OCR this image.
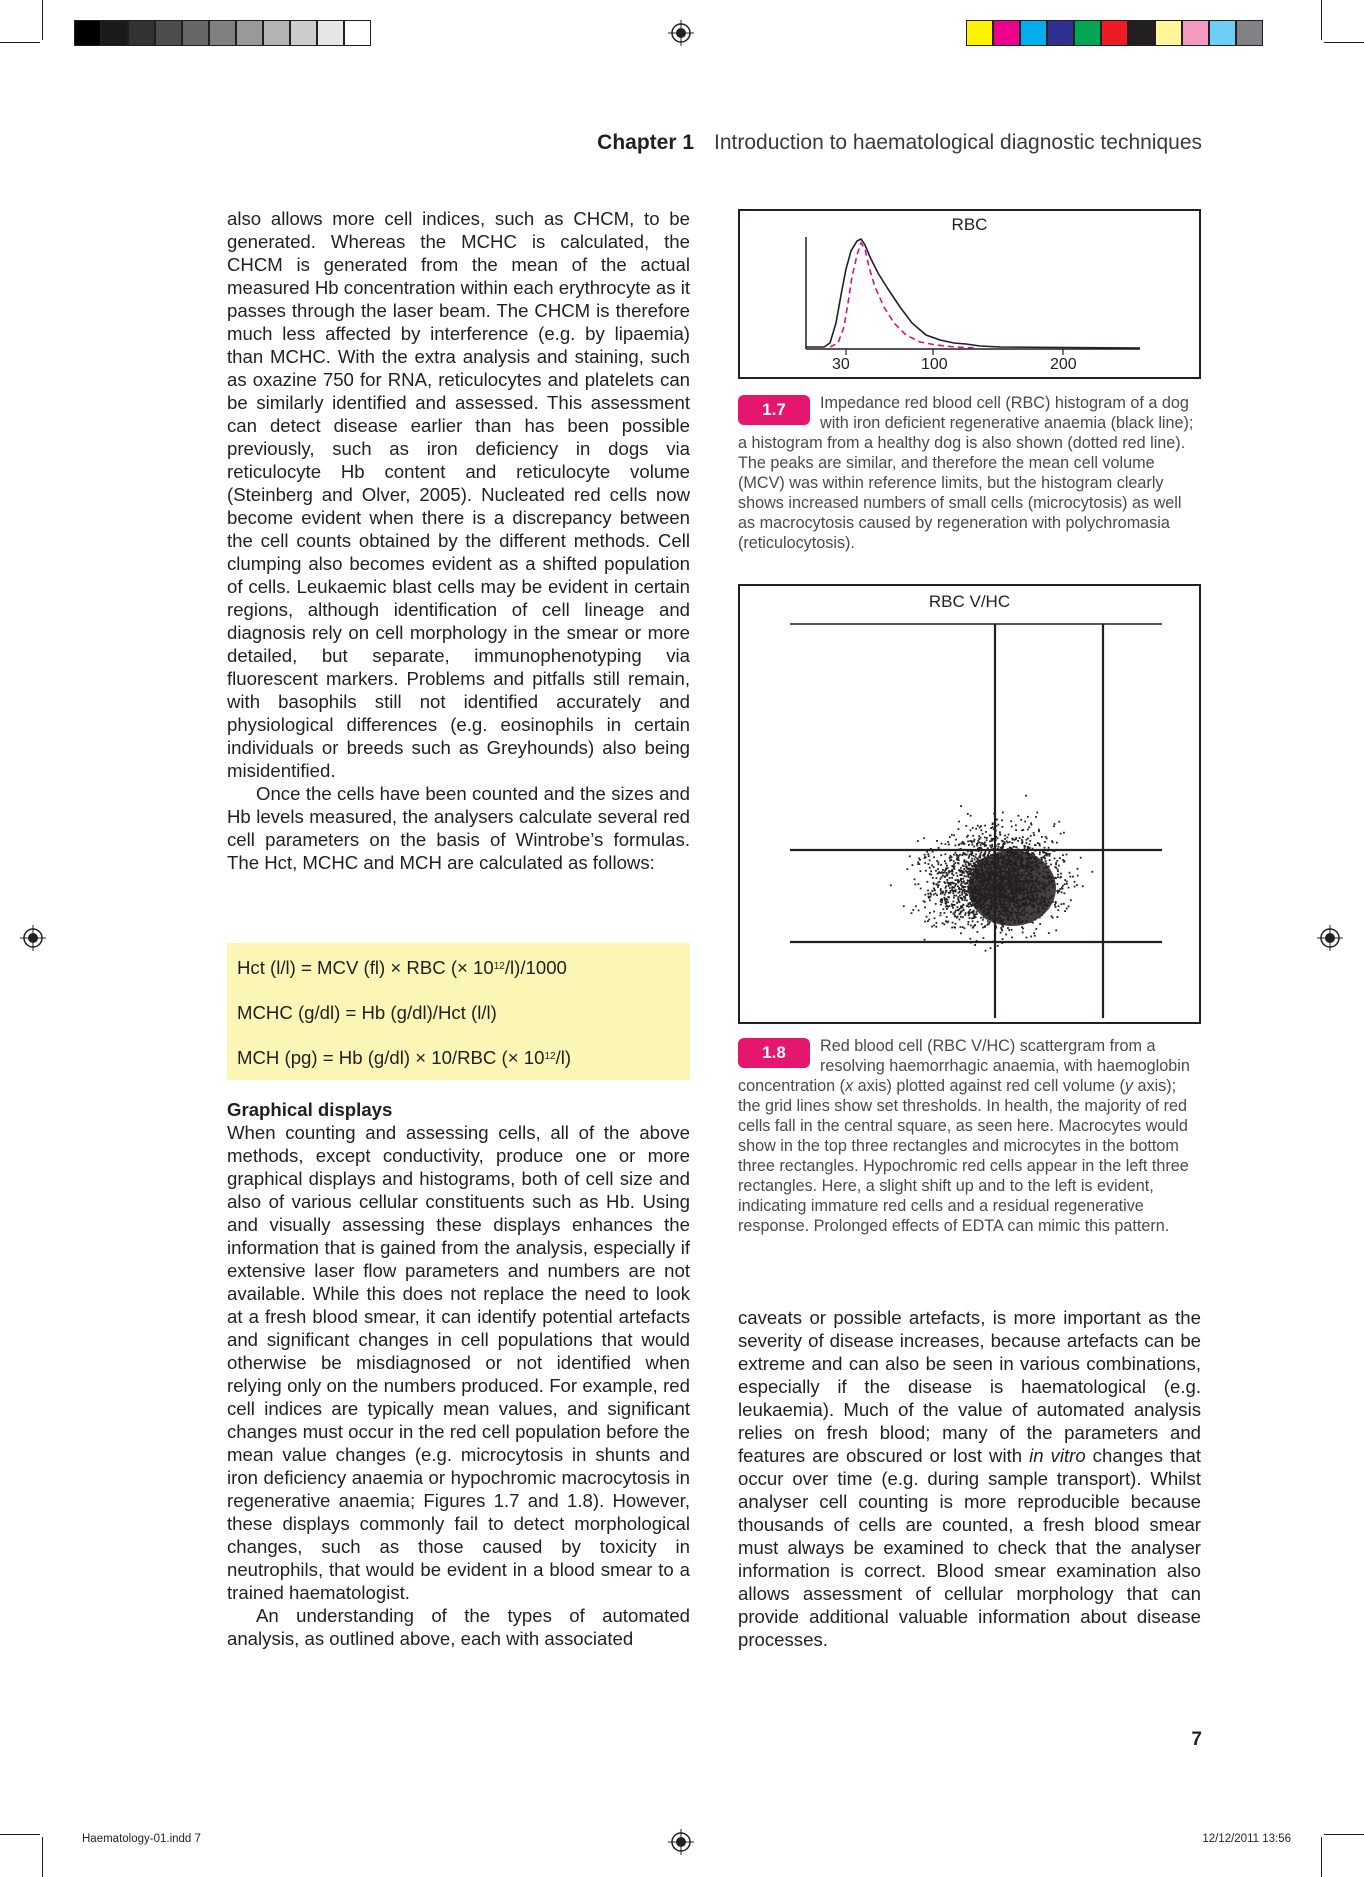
Chapter 1 Introduction to haematological diagnostic techniques

also allows more cell indices, such as CHCM, to be generated. Whereas the MCHC is calculated, the CHCM is generated from the mean of the actual measured Hb concentration within each erythrocyte as it passes through the laser beam. The CHCM is therefore much less affected by interference (e.g. by lipaemia) than MCHC. With the extra analysis and staining, such as oxazine 750 for RNA, reticulocytes and platelets can be similarly identified and assessed. This assessment can detect disease earlier than has been possible previously, such as iron deficiency in dogs via reticulocyte Hb content and reticulocyte volume (Steinberg and Olver, 2005). Nucleated red cells now become evident when there is a discrepancy between the cell counts obtained by the different methods. Cell clumping also becomes evident as a shifted population of cells. Leukaemic blast cells may be evident in certain regions, although identification of cell lineage and diagnosis rely on cell morphology in the smear or more detailed, but separate, immunophenotyping via fluorescent markers. Problems and pitfalls still remain, with basophils still not identified accurately and physiological differences (e.g. eosinophils in certain individuals or breeds such as Greyhounds) also being misidentified.

Once the cells have been counted and the sizes and Hb levels measured, the analysers calculate several red cell parameters on the basis of Wintrobe’s formulas. The Hct, MCHC and MCH are calculated as follows:

Hct (l/l) = MCV (fl) × RBC (× $10^{12}/l)/1000$
MCHC (g/dl) = Hb (g/dl)/Hct (l/l)
MCH (pg) = Hb (g/dl) × 10/RBC (× $10^{12}/l$)
Graphical displays

When counting and assessing cells, all of the above methods, except conductivity, produce one or more graphical displays and histograms, both of cell size and also of various cellular constituents such as Hb. Using and visually assessing these displays enhances the information that is gained from the analysis, especially if extensive laser flow parameters and numbers are not available. While this does not replace the need to look at a fresh blood smear, it can identify potential artefacts and significant changes in cell populations that would otherwise be misdiagnosed or not identified when relying only on the numbers produced. For example, red cell indices are typically mean values, and significant changes must occur in the red cell population before the mean value changes (e.g. microcytosis in shunts and iron deficiency anaemia or hypochromic macrocytosis in regenerative anaemia; Figures 1.7 and 1.8). However, these displays commonly fail to detect morphological changes, such as those caused by toxicity in neutrophils, that would be evident in a blood smear to a trained haematologist.

An understanding of the types of automated analysis, as outlined above, each with associated

RBC
30	100	200
1.7	Impedance red blood cell (RBC) histogram of a dog with iron deficient regenerative anaemia (black line); a histogram from a healthy dog is also shown (dotted red line). The peaks are similar, and therefore the mean cell volume (MCV) was within reference limits, but the histogram clearly shows increased numbers of small cells (microcytosis) as well as macrocytosis caused by regeneration with polychromasia (reticulocytosis).
RBC V/HC
1.8	Red blood cell (RBC V/HC) scattergram from a resolving haemorrhagic anaemia, with haemoglobin concentration (x axis) plotted against red cell volume (y axis); the grid lines show set thresholds. In health, the majority of red cells fall in the central square, as seen here. Macrocytes would show in the top three rectangles and microcytes in the bottom three rectangles. Hypochromic red cells appear in the left three rectangles. Here, a slight shift up and to the left is evident, indicating immature red cells and a residual regenerative response. Prolonged effects of EDTA can mimic this pattern.

caveats or possible artefacts, is more important as the severity of disease increases, because artefacts can be extreme and can also be seen in various combinations, especially if the disease is haematological (e.g. leukaemia). Much of the value of automated analysis relies on fresh blood; many of the parameters and features are obscured or lost with in vitro changes that occur over time (e.g. during sample transport). Whilst analyser cell counting is more reproducible because thousands of cells are counted, a fresh blood smear must always be examined to check that the analyser information is correct. Blood smear examination also allows assessment of cellular morphology that can provide additional valuable information about disease processes.

7
Haematology-01.indd 7	12/12/2011 13:56
